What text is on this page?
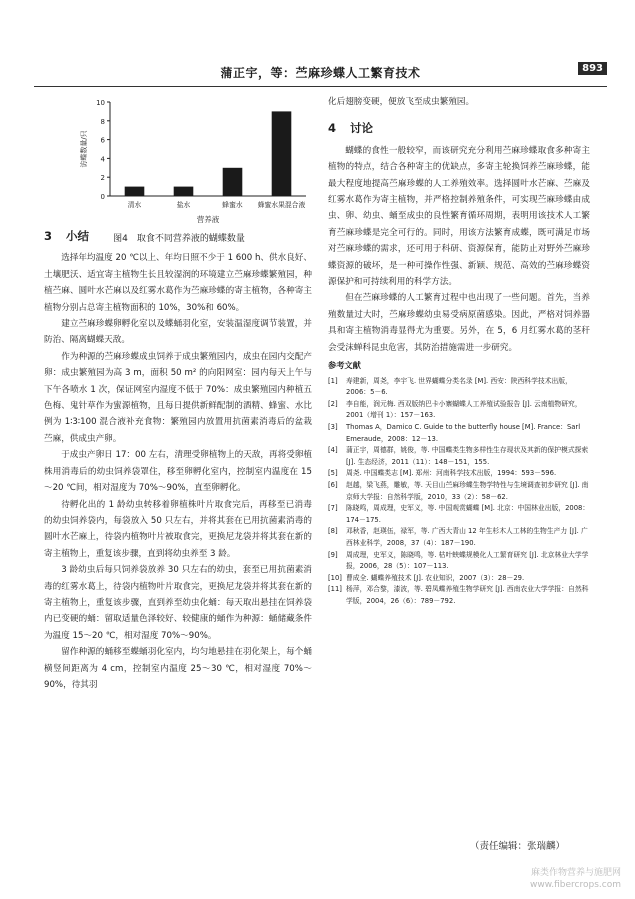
蒲正宇，等：苎麻珍蝶人工繁育技术	893
0
2
4
6
8
10
清水	盐水	蜂蜜水 蜂蜜水果混合液
营养液
访蝶数量/只
图4　取食不同营养液的蝴蝶数量
3 小结

选择年均温度 20 ℃以上、年均日照不少于 1 600 h、供水良好、土壤肥沃、适宜寄主植物生长且较湿润的环境建立苎麻珍蝶繁殖园，种植苎麻、圆叶水芒麻以及红雾水葛作为苎麻珍蝶的寄主植物，各种寄主植物分别占总寄主植物面积的 10%，30%和 60%。

建立苎麻珍蝶卵孵化室以及蝶蛹羽化室，安装温湿度调节装置，并防治、隔离蝴蝶天敌。

作为种源的苎麻珍蝶成虫饲养于成虫繁殖园内，成虫在园内交配产卵：成虫繁殖园为高 3 m，面积 50 m² 的向阳网室：园内每天上午与下午各喷水 1 次，保证网室内湿度不低于 70%：成虫繁殖园内种植五色梅、鬼针草作为蜜源植物，且每日提供新鲜配制的酒精、蜂蜜、水比例为 1∶3∶100 混合液补充食物：繁殖园内放置用抗菌素消毒后的盆栽苎麻，供成虫产卵。

于成虫产卵日 17：00 左右，清理受卵植物上的天敌，再将受卵植株用消毒后的幼虫饲养袋罩住，移至卵孵化室内，控制室内温度在 15～20 ℃间，相对湿度为 70%～90%，直至卵孵化。

待孵化出的 1 龄幼虫转移着卵植株叶片取食完后，再移至已消毒的幼虫饲养袋内，每袋放入 50 只左右，并将其套在已用抗菌素消毒的圆叶水芒麻上，待袋内植物叶片被取食完，更换尼龙袋并将其套在新的寄主植物上，重复该步骤，直到将幼虫养至 3 龄。

3 龄幼虫后每只饲养袋放养 30 只左右的幼虫，套至已用抗菌素消毒的红雾水葛上，待袋内植物叶片取食完，更换尼龙袋并将其套在新的寄主植物上，重复该步骤，直到养至幼虫化蛹：每天取出悬挂在饲养袋内已变硬的蛹：留取适量色泽较好、较健康的蛹作为种源：蛹储藏条件为温度 15～20 ℃，相对湿度 70%～90%。

留作种源的蛹移至蝶蛹羽化室内，均匀地悬挂在羽化架上，每个蛹横竖间距离为 4 cm，控制室内温度 25～30 ℃，相对湿度 70%～90%，待其羽

化后翅膀变硬，便放飞至成虫繁殖园。

4 讨论

蝴蝶的食性一般较窄，而该研究充分利用苎麻珍蝶取食多种寄主植物的特点，结合各种寄主的优缺点，多寄主轮换饲养苎麻珍蝶，能最大程度地提高苎麻珍蝶的人工养殖效率。选择圆叶水芒麻、苎麻及红雾水葛作为寄主植物，并严格控制养殖条件，可实现苎麻珍蝶由成虫、卵、幼虫、蛹至成虫的良性繁育循环周期，表明用该技术人工繁育苎麻珍蝶是完全可行的。同时，用该方法繁育成蝶，既可满足市场对苎麻珍蝶的需求，还可用于科研、资源保育，能防止对野外苎麻珍蝶资源的破坏，是一种可操作性强、新颖、规范、高效的苎麻珍蝶资源保护和可持续利用的科学方法。

但在苎麻珍蝶的人工繁育过程中也出现了一些问题。首先，当养殖数量过大时，苎麻珍蝶幼虫易受病原菌感染。因此，严格对饲养器具和寄主植物消毒显得尤为重要。另外，在 5，6 月红雾水葛的茎秆会受沫蝉科昆虫危害，其防治措施需进一步研究。

参考文献
[1]	寿建新，周尧，李宇飞. 世界蝴蝶分类名录 [M]. 西安：陕西科学技术出版，2006：5－6.
[2]	李自能，润元梅. 西双版纳巴卡小寨蝴蝶人工养殖试验报告 [J]. 云南植物研究，2001（增刊 1）：157－163.
[3]	Thomas A，Damico C. Guide to the butterfly house [M]. France：Sarl Emeraude，2008：12－13.
[4]	蒲正宇，周德群，姚俊，等. 中国蝶类生物多样性生存现状及其新的保护模式探索 [J]. 生态经济，2011（11）：148－151，155.
[5]	周尧. 中国蝶类志 [M]. 郑州：河南科学技术出版，1994：593－596.
[6]	赵越，梁飞燕，雕敏，等. 天目山苎麻珍蝶生物学特性与生境调查初步研究 [J]. 南京师大学报：自然科学版，2010，33（2）：58－62.
[7]	陈晓鸣，周成理，史军义，等. 中国观赏蝴蝶 [M]. 北京：中国林业出版，2008：174－175.
[8]	邓秋香，赵瑛伍，禄军，等. 广西大青山 12 年生杉木人工林的生物生产力 [J]. 广西林业科学，2008，37（4）：187－190.
[9]	周成理，史军义，陈晓鸣，等. 枯叶蛱蝶规模化人工繁育研究 [J]. 北京林业大学学报，2006，28（5）：107－113.
[10] 曹成全. 蝴蝶养殖技术 [J]. 农业知识，2007（3）：28－29.
[11] 杨萍，邓合黎，漆波，等. 碧凤蝶养殖生物学研究 [J]. 西南农业大学学报：自然科学版，2004，26（6）：789－792.
（责任编辑：张瑞麟）
麻类作物营养与施肥网
www.fibercrops.com
